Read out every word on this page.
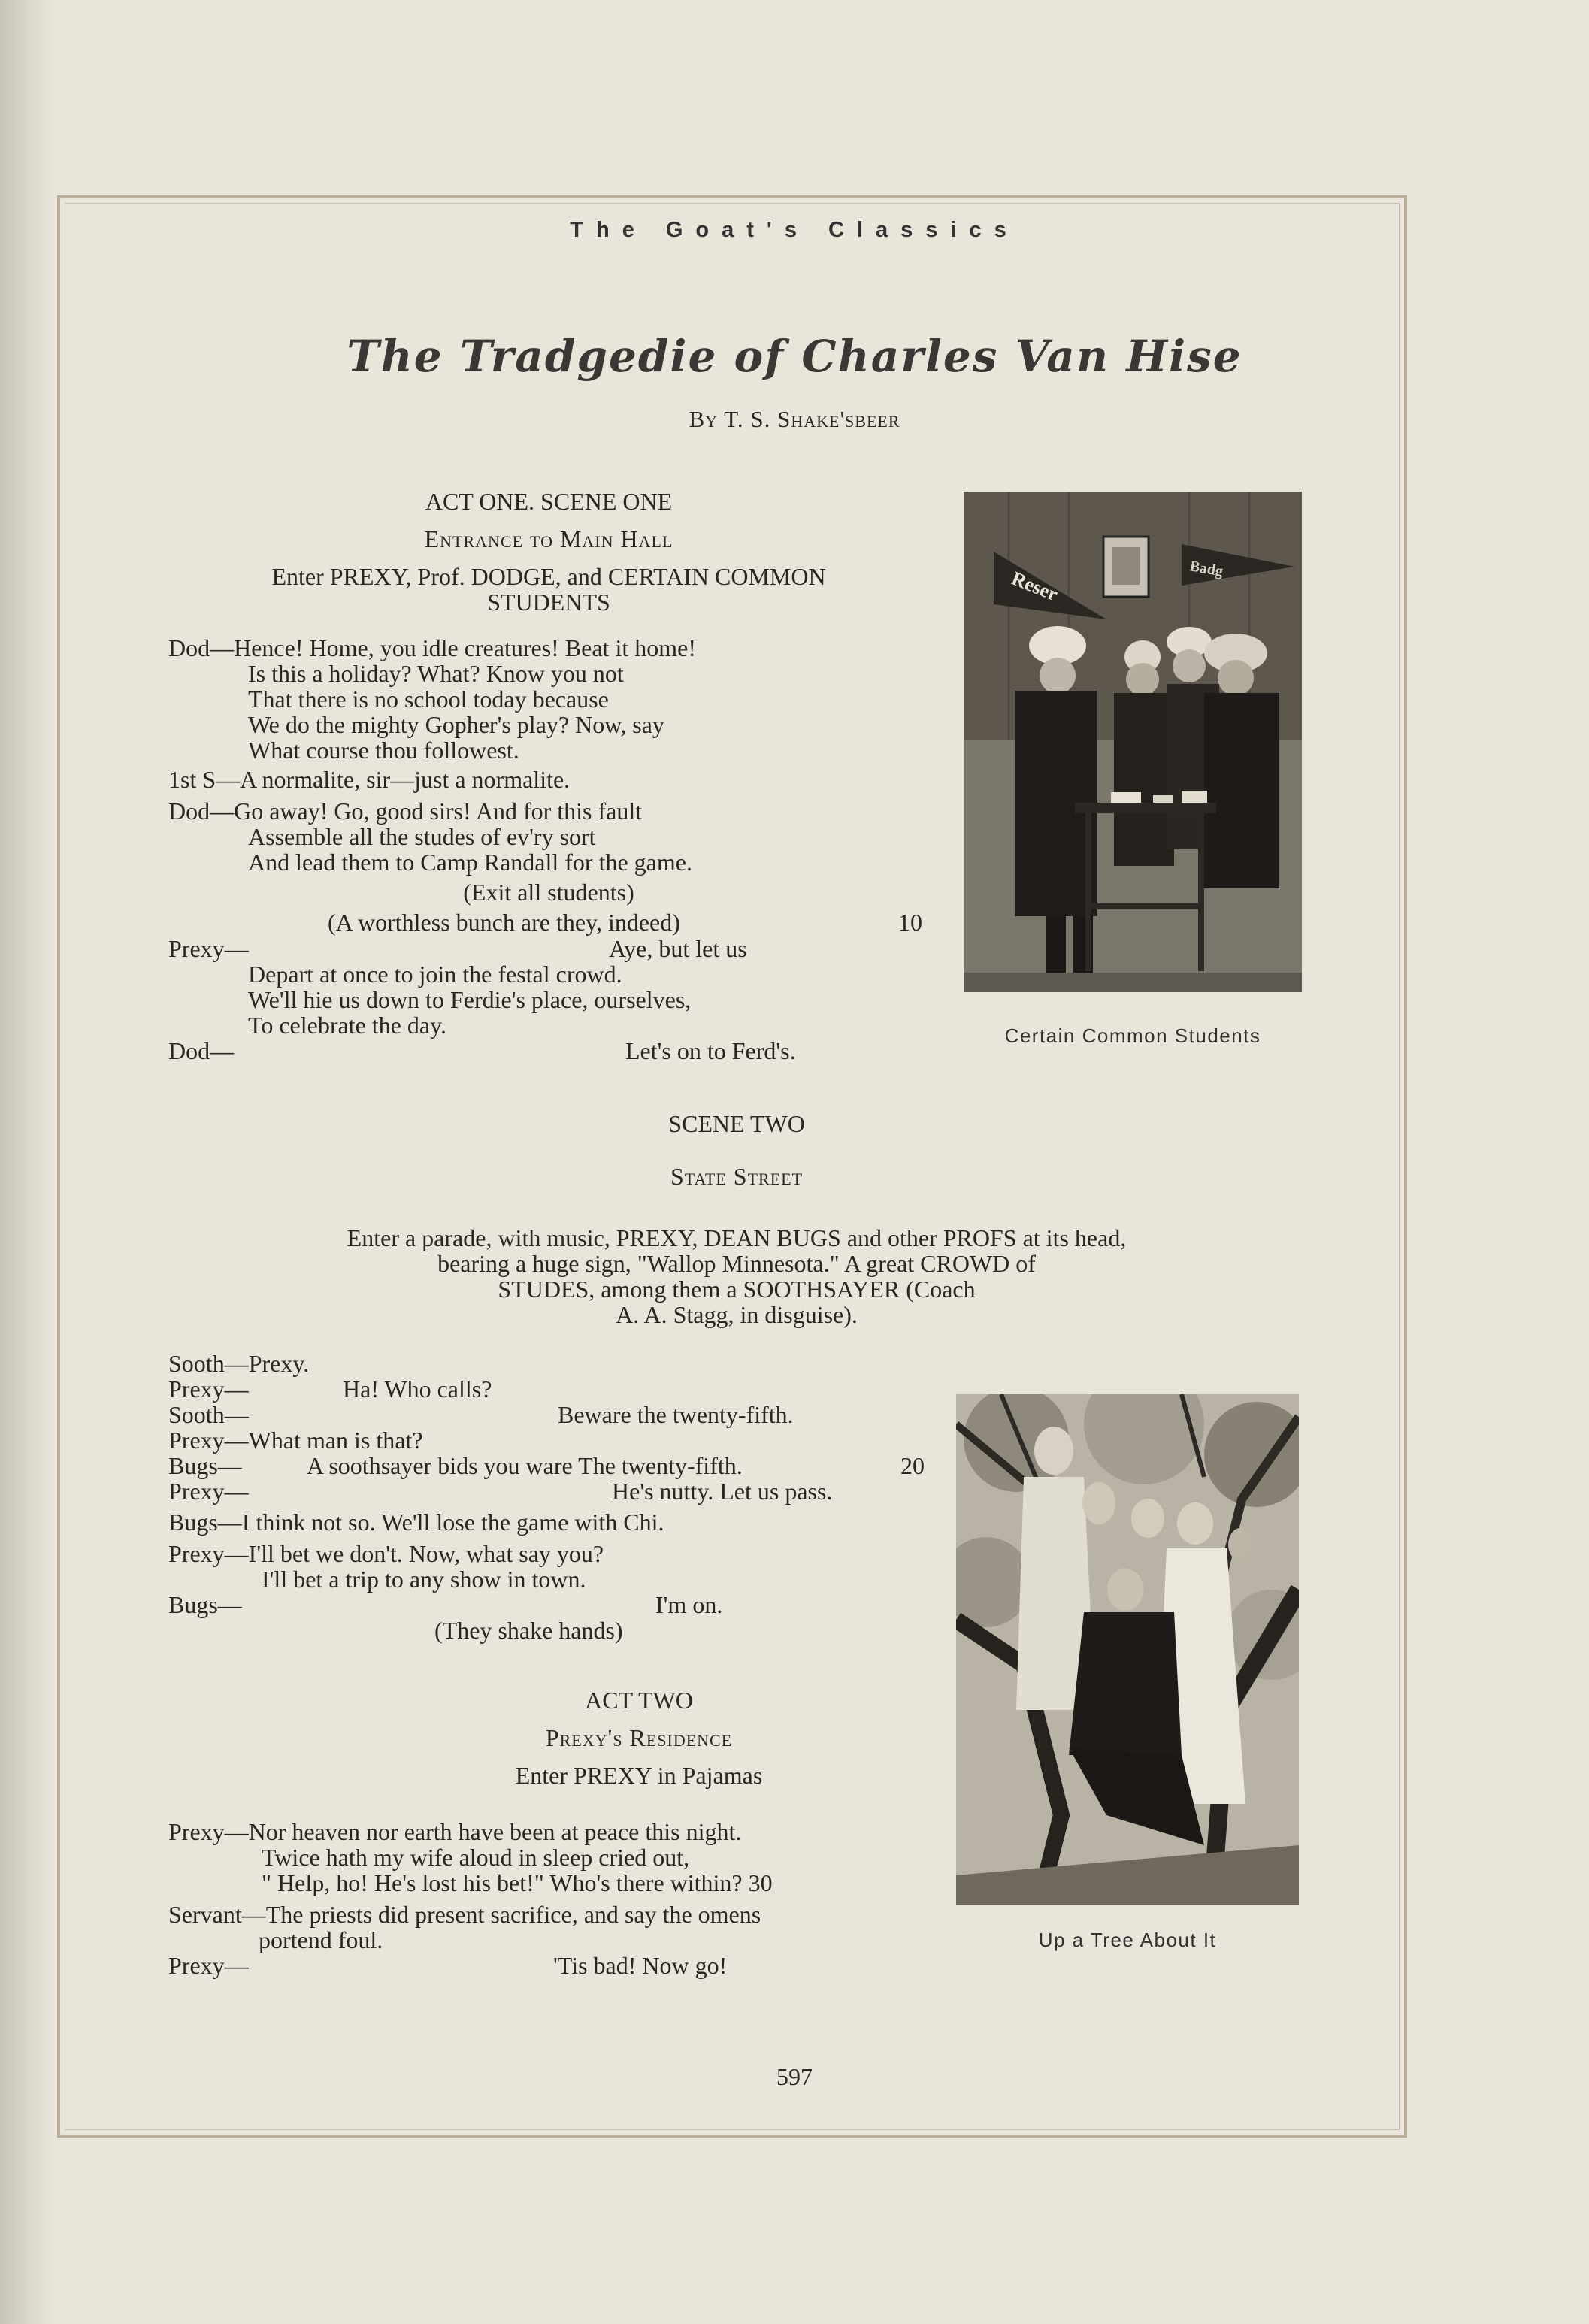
The Goat's Classics
The Tradgedie of Charles Van Hise
By T. S. Shake'sbeer
ACT ONE. SCENE ONE
Entrance to Main Hall
Enter PREXY, Prof. DODGE, and CERTAIN COMMON
STUDENTS
Dod—Hence! Home, you idle creatures! Beat it home!
Is this a holiday? What? Know you not
That there is no school today because
We do the mighty Gopher's play? Now, say
What course thou followest.
1st S—A normalite, sir—just a normalite.
Dod—Go away! Go, good sirs! And for this fault
Assemble all the studes of ev'ry sort
And lead them to Camp Randall for the game.
(Exit all students)
(A worthless bunch are they, indeed)	10
Prexy—	Aye, but let us
Depart at once to join the festal crowd.
We'll hie us down to Ferdie's place, ourselves,
To celebrate the day.
Dod—	Let's on to Ferd's.
Reser	Badg
Certain Common Students
SCENE TWO
State Street
Enter a parade, with music, PREXY, DEAN BUGS and other PROFS at its head,
bearing a huge sign, "Wallop Minnesota." A great CROWD of
STUDES, among them a SOOTHSAYER (Coach
A. A. Stagg, in disguise).
Sooth—Prexy.
Prexy—	Ha! Who calls?
Sooth—	Beware the twenty-fifth.
Prexy—What man is that?
Bugs—	A soothsayer bids you ware The twenty-fifth.	20
Prexy—	He's nutty. Let us pass.
Bugs—I think not so. We'll lose the game with Chi.
Prexy—I'll bet we don't. Now, what say you?
I'll bet a trip to any show in town.
Bugs—	I'm on.
(They shake hands)
Up a Tree About It
ACT TWO
Prexy's Residence
Enter PREXY in Pajamas
Prexy—Nor heaven nor earth have been at peace this night.
Twice hath my wife aloud in sleep cried out,
" Help, ho! He's lost his bet!" Who's there within? 30
Servant—The priests did present sacrifice, and say the omens
portend foul.
Prexy—	'Tis bad! Now go!
597
